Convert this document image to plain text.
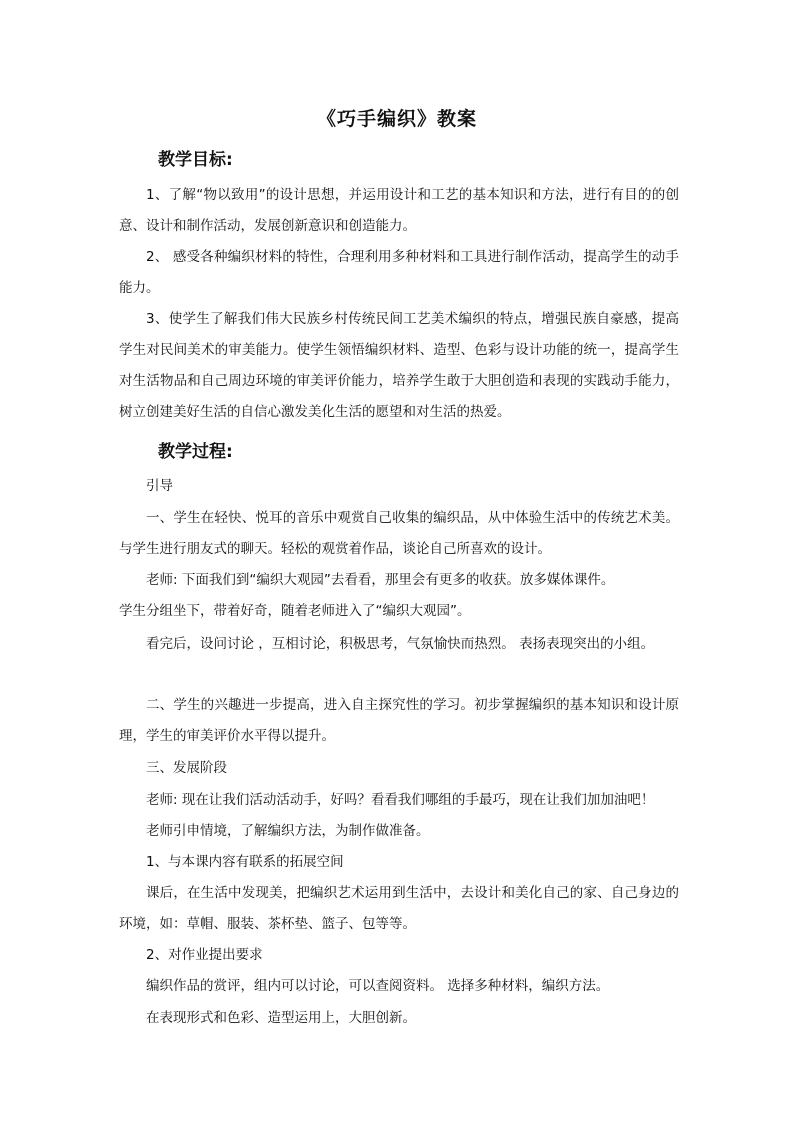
《巧手编织》教案
教学目标:

1、了解“物以致用”的设计思想，并运用设计和工艺的基本知识和方法，进行有目的的创意、设计和制作活动，发展创新意识和创造能力。

2、 感受各种编织材料的特性，合理利用多种材料和工具进行制作活动，提高学生的动手能力。

3、使学生了解我们伟大民族乡村传统民间工艺美术编织的特点，增强民族自豪感，提高学生对民间美术的审美能力。使学生领悟编织材料、造型、色彩与设计功能的统一，提高学生对生活物品和自己周边环境的审美评价能力，培养学生敢于大胆创造和表现的实践动手能力，树立创建美好生活的自信心激发美化生活的愿望和对生活的热爱。

教学过程:
引导

一、学生在轻快、悦耳的音乐中观赏自己收集的编织品，从中体验生活中的传统艺术美。与学生进行朋友式的聊天。轻松的观赏着作品，谈论自己所喜欢的设计。

老师: 下面我们到“编织大观园”去看看，那里会有更多的收获。放多媒体课件。
学生分组坐下，带着好奇，随着老师进入了“编织大观园”。
看完后，设问讨论 ，互相讨论，积极思考，气氛愉快而热烈。 表扬表现突出的小组。

二、学生的兴趣进一步提高，进入自主探究性的学习。初步掌握编织的基本知识和设计原理，学生的审美评价水平得以提升。

三、发展阶段
老师: 现在让我们活动活动手，好吗？看看我们哪组的手最巧，现在让我们加加油吧！
老师引申情境，了解编织方法，为制作做准备。
1、与本课内容有联系的拓展空间

课后，在生活中发现美，把编织艺术运用到生活中，去设计和美化自己的家、自己身边的环境，如：草帽、服装、茶杯垫、篮子、包等等。

2、对作业提出要求
编织作品的赏评，组内可以讨论，可以查阅资料。 选择多种材料，编织方法。
在表现形式和色彩、造型运用上，大胆创新。
